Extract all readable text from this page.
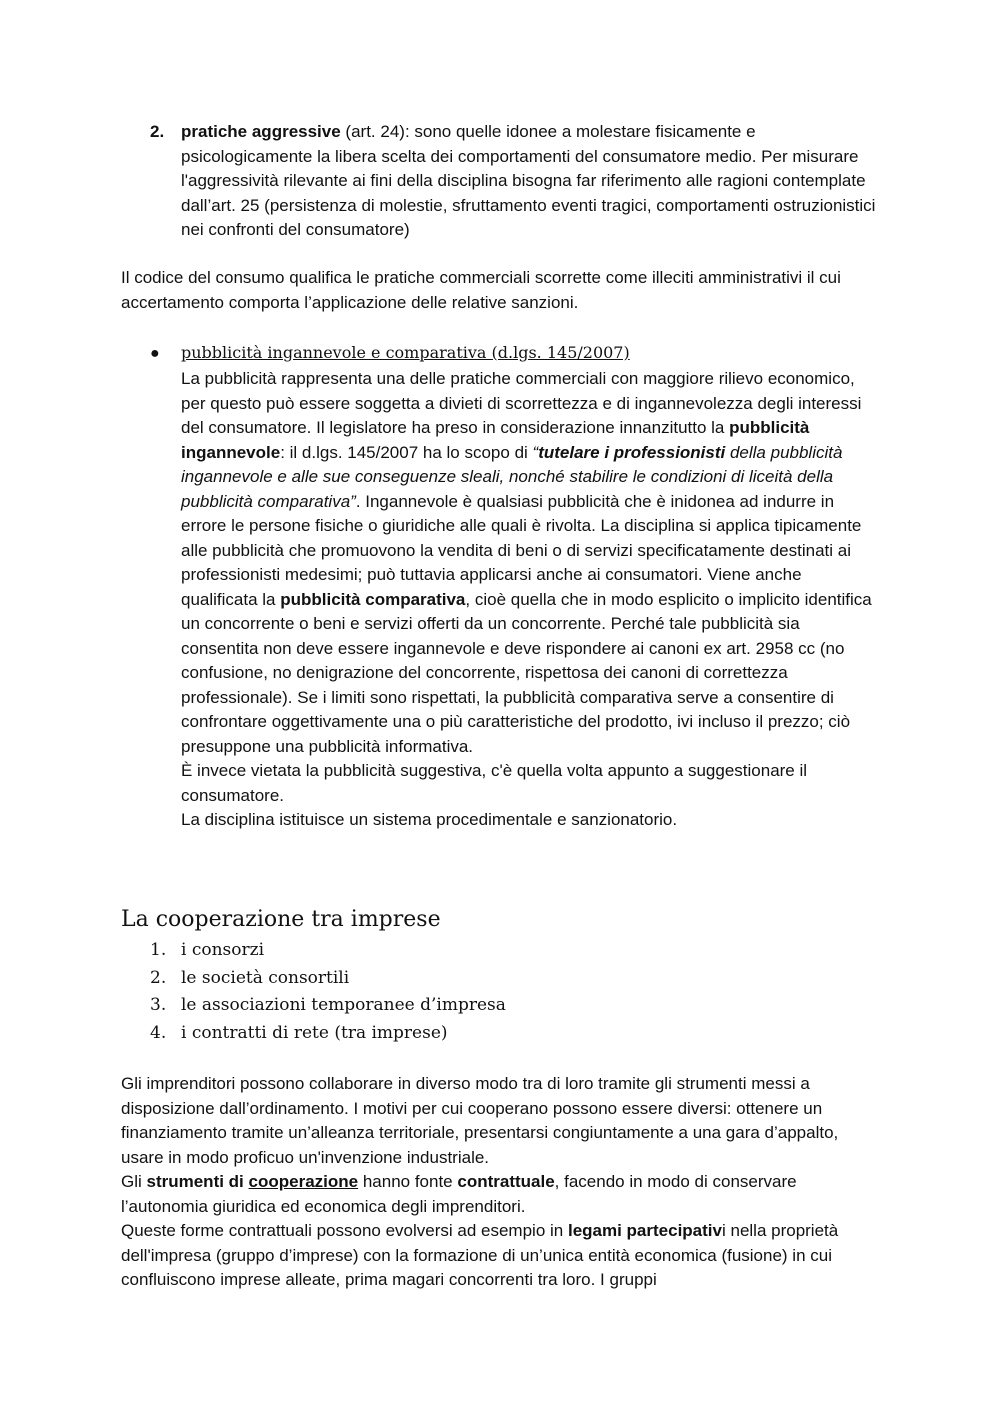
2. pratiche aggressive (art. 24): sono quelle idonee a molestare fisicamente e psicologicamente la libera scelta dei comportamenti del consumatore medio. Per misurare l'aggressività rilevante ai fini della disciplina bisogna far riferimento alle ragioni contemplate dall’art. 25 (persistenza di molestie, sfruttamento eventi tragici, comportamenti ostruzionistici nei confronti del consumatore)

Il codice del consumo qualifica le pratiche commerciali scorrette come illeciti amministrativi il cui accertamento comporta l’applicazione delle relative sanzioni.

● pubblicità ingannevole e comparativa (d.lgs. 145/2007)

La pubblicità rappresenta una delle pratiche commerciali con maggiore rilievo economico, per questo può essere soggetta a divieti di scorrettezza e di ingannevolezza degli interessi del consumatore. Il legislatore ha preso in considerazione innanzitutto la pubblicità ingannevole: il d.lgs. 145/2007 ha lo scopo di “tutelare i professionisti della pubblicità ingannevole e alle sue conseguenze sleali, nonché stabilire le condizioni di liceità della pubblicità comparativa”. Ingannevole è qualsiasi pubblicità che è inidonea ad indurre in errore le persone fisiche o giuridiche alle quali è rivolta. La disciplina si applica tipicamente alle pubblicità che promuovono la vendita di beni o di servizi specificatamente destinati ai professionisti medesimi; può tuttavia applicarsi anche ai consumatori. Viene anche qualificata la pubblicità comparativa, cioè quella che in modo esplicito o implicito identifica un concorrente o beni e servizi offerti da un concorrente. Perché tale pubblicità sia consentita non deve essere ingannevole e deve rispondere ai canoni ex art. 2958 cc (no confusione, no denigrazione del concorrente, rispettosa dei canoni di correttezza professionale). Se i limiti sono rispettati, la pubblicità comparativa serve a consentire di confrontare oggettivamente una o più caratteristiche del prodotto, ivi incluso il prezzo; ciò presuppone una pubblicità informativa.
È invece vietata la pubblicità suggestiva, c'è quella volta appunto a suggestionare il consumatore.
La disciplina istituisce un sistema procedimentale e sanzionatorio.

La cooperazione tra imprese
1. i consorzi
2. le società consortili
3. le associazioni temporanee d’impresa
4. i contratti di rete (tra imprese)

Gli imprenditori possono collaborare in diverso modo tra di loro tramite gli strumenti messi a disposizione dall’ordinamento. I motivi per cui cooperano possono essere diversi: ottenere un finanziamento tramite un’alleanza territoriale, presentarsi congiuntamente a una gara d’appalto, usare in modo proficuo un'invenzione industriale.
Gli strumenti di cooperazione hanno fonte contrattuale, facendo in modo di conservare l’autonomia giuridica ed economica degli imprenditori.
Queste forme contrattuali possono evolversi ad esempio in legami partecipativi nella proprietà dell'impresa (gruppo d’imprese) con la formazione di un’unica entità economica (fusione) in cui confluiscono imprese alleate, prima magari concorrenti tra loro. I gruppi
